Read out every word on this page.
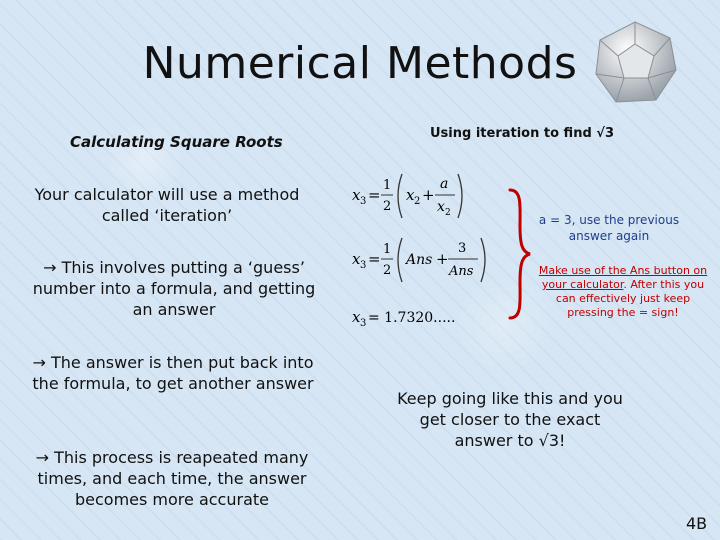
Numerical Methods
Calculating Square Roots
Your calculator will use a method called ‘iteration’
→ This involves putting a ‘guess’ number into a formula, and getting an answer
→ The answer is then put back into the formula, to get another answer
→ This process is reapeated many times, and each time, the answer becomes more accurate
Using iteration to find √3
x 3 =
1
2
x 2 +
a
x 2
x 3 =
1
2
Ans +
3
Ans
x 3 = 1.7320.....
a = 3, use the previous answer again
Make use of the Ans button on your calculator. After this you can effectively just keep pressing the = sign!
Keep going like this and you get closer to the exact answer to √3!
4B
